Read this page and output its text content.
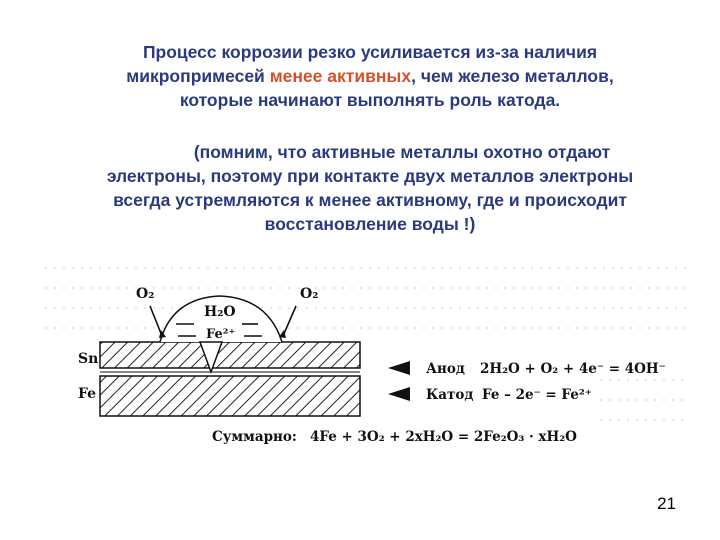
Процесс коррозии резко усиливается из-за наличия
микропримесей менее активных, чем железо металлов,
которые начинают выполнять роль катода.
(помним, что активные металлы охотно отдают
электроны, поэтому при контакте двух металлов электроны
всегда устремляются к менее активному, где и происходит
восстановление воды !)
O₂	O₂
H₂O
Fe²⁺
Sn
Fe
Анод 2H₂O + O₂ + 4e⁻ = 4OH⁻
Катод Fe – 2e⁻ = Fe²⁺
Суммарно: 4Fe + 3O₂ + 2xH₂O = 2Fe₂O₃ · xH₂O
21
